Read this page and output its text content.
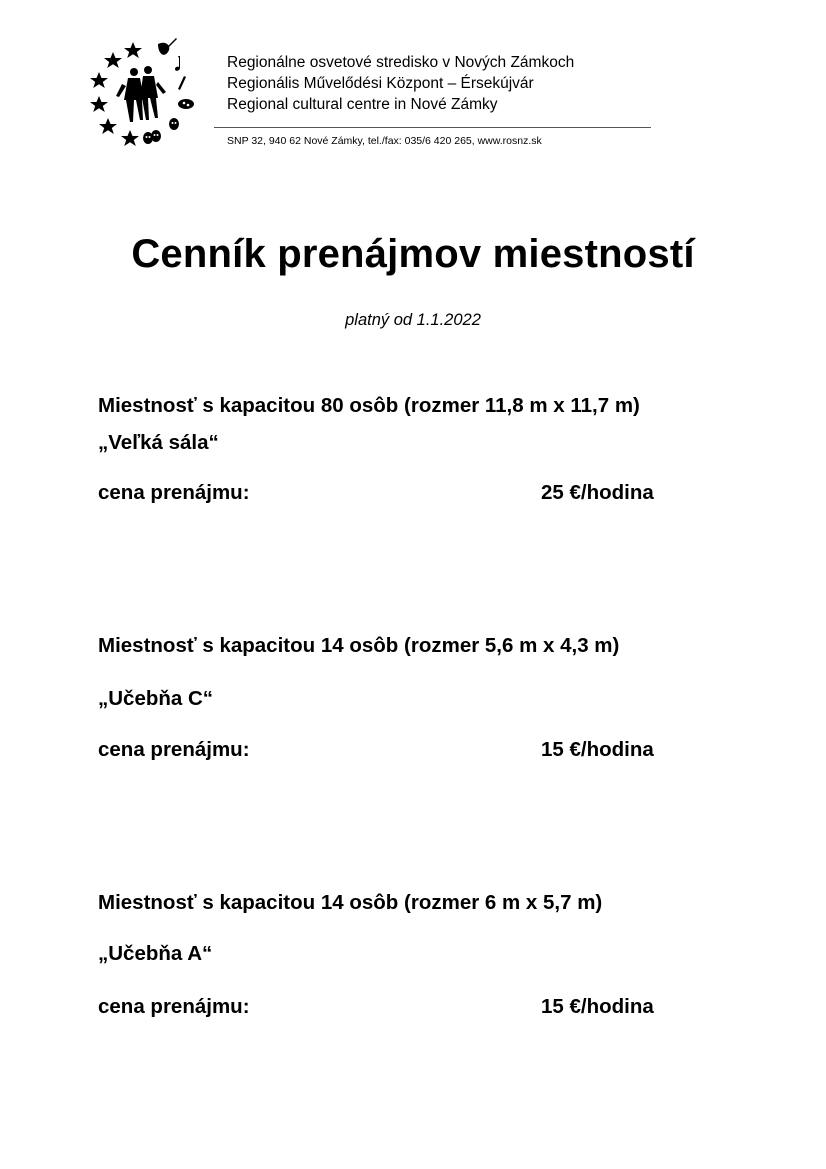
Regionálne osvetové stredisko v Nových Zámkoch
Regionális Művelődési Központ – Érsekújvár
Regional cultural centre in Nové Zámky
SNP 32, 940 62 Nové Zámky, tel./fax: 035/6 420 265, www.rosnz.sk
Cenník prenájmov miestností
platný od 1.1.2022
Miestnosť s kapacitou 80 osôb (rozmer 11,8 m x 11,7 m)
„Veľká sála“
cena prenájmu:	25 €/hodina
Miestnosť s kapacitou 14 osôb (rozmer 5,6 m x 4,3 m)
„Učebňa C“
cena prenájmu:	15 €/hodina
Miestnosť s kapacitou 14 osôb (rozmer 6 m x 5,7 m)
„Učebňa A“
cena prenájmu:	15 €/hodina
